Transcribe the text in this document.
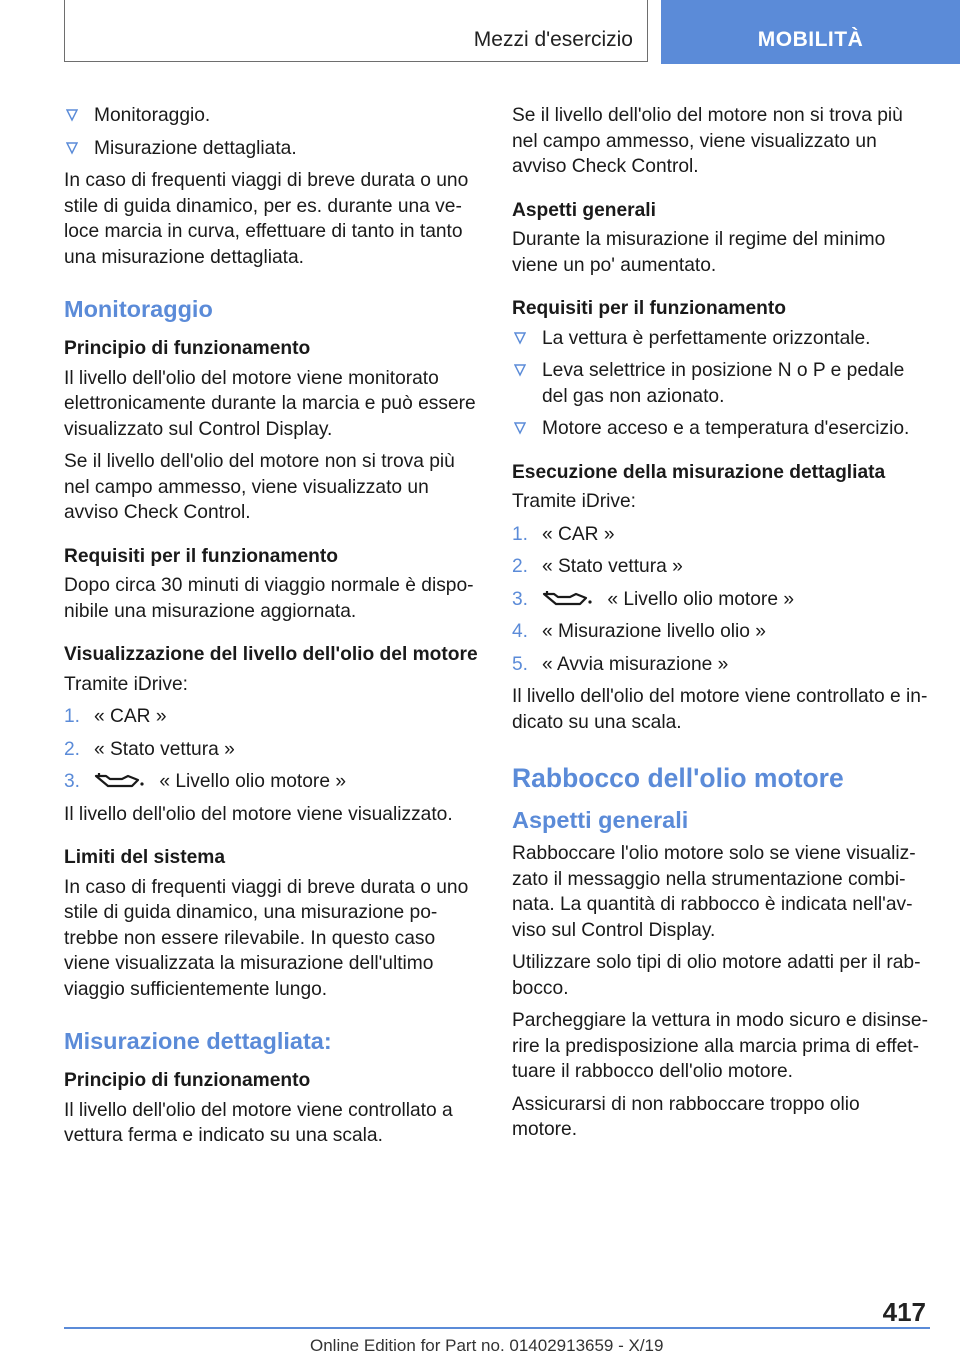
Mezzi d'esercizio	MOBILITÀ

Monitoraggio.

Misurazione dettagliata.

In caso di frequenti viaggi di breve durata o uno stile di guida dinamico, per es. durante una veloce marcia in curva, effettuare di tanto in tanto una misurazione dettagliata.

Monitoraggio

Principio di funzionamento

Il livello dell'olio del motore viene monitorato elettronicamente durante la marcia e può essere visualizzato sul Control Display.

Se il livello dell'olio del motore non si trova più nel campo ammesso, viene visualizzato un avviso Check Control.

Requisiti per il funzionamento

Dopo circa 30 minuti di viaggio normale è disponibile una misurazione aggiornata.

Visualizzazione del livello dell'olio del motore

Tramite iDrive:

1. « CAR »

2. « Stato vettura »

3.	« Livello olio motore »

Il livello dell'olio del motore viene visualizzato.

Limiti del sistema

In caso di frequenti viaggi di breve durata o uno stile di guida dinamico, una misurazione potrebbe non essere rilevabile. In questo caso viene visualizzata la misurazione dell'ultimo viaggio sufficientemente lungo.

Misurazione dettagliata:

Principio di funzionamento

Il livello dell'olio del motore viene controllato a vettura ferma e indicato su una scala.

Se il livello dell'olio del motore non si trova più nel campo ammesso, viene visualizzato un avviso Check Control.

Aspetti generali

Durante la misurazione il regime del minimo viene un po' aumentato.

Requisiti per il funzionamento

La vettura è perfettamente orizzontale.

Leva selettrice in posizione N o P e pedale del gas non azionato.

Motore acceso e a temperatura d'esercizio.

Esecuzione della misurazione dettagliata

Tramite iDrive:

1. « CAR »

2. « Stato vettura »

3.	« Livello olio motore »

4. « Misurazione livello olio »

5. « Avvia misurazione »

Il livello dell'olio del motore viene controllato e indicato su una scala.

Rabbocco dell'olio motore

Aspetti generali

Rabboccare l'olio motore solo se viene visualizzato il messaggio nella strumentazione combinata. La quantità di rabbocco è indicata nell'avviso sul Control Display.

Utilizzare solo tipi di olio motore adatti per il rabbocco.

Parcheggiare la vettura in modo sicuro e disinserire la predisposizione alla marcia prima di effettuare il rabbocco dell'olio motore.

Assicurarsi di non rabboccare troppo olio motore.

417
Online Edition for Part no. 01402913659 - X/19
